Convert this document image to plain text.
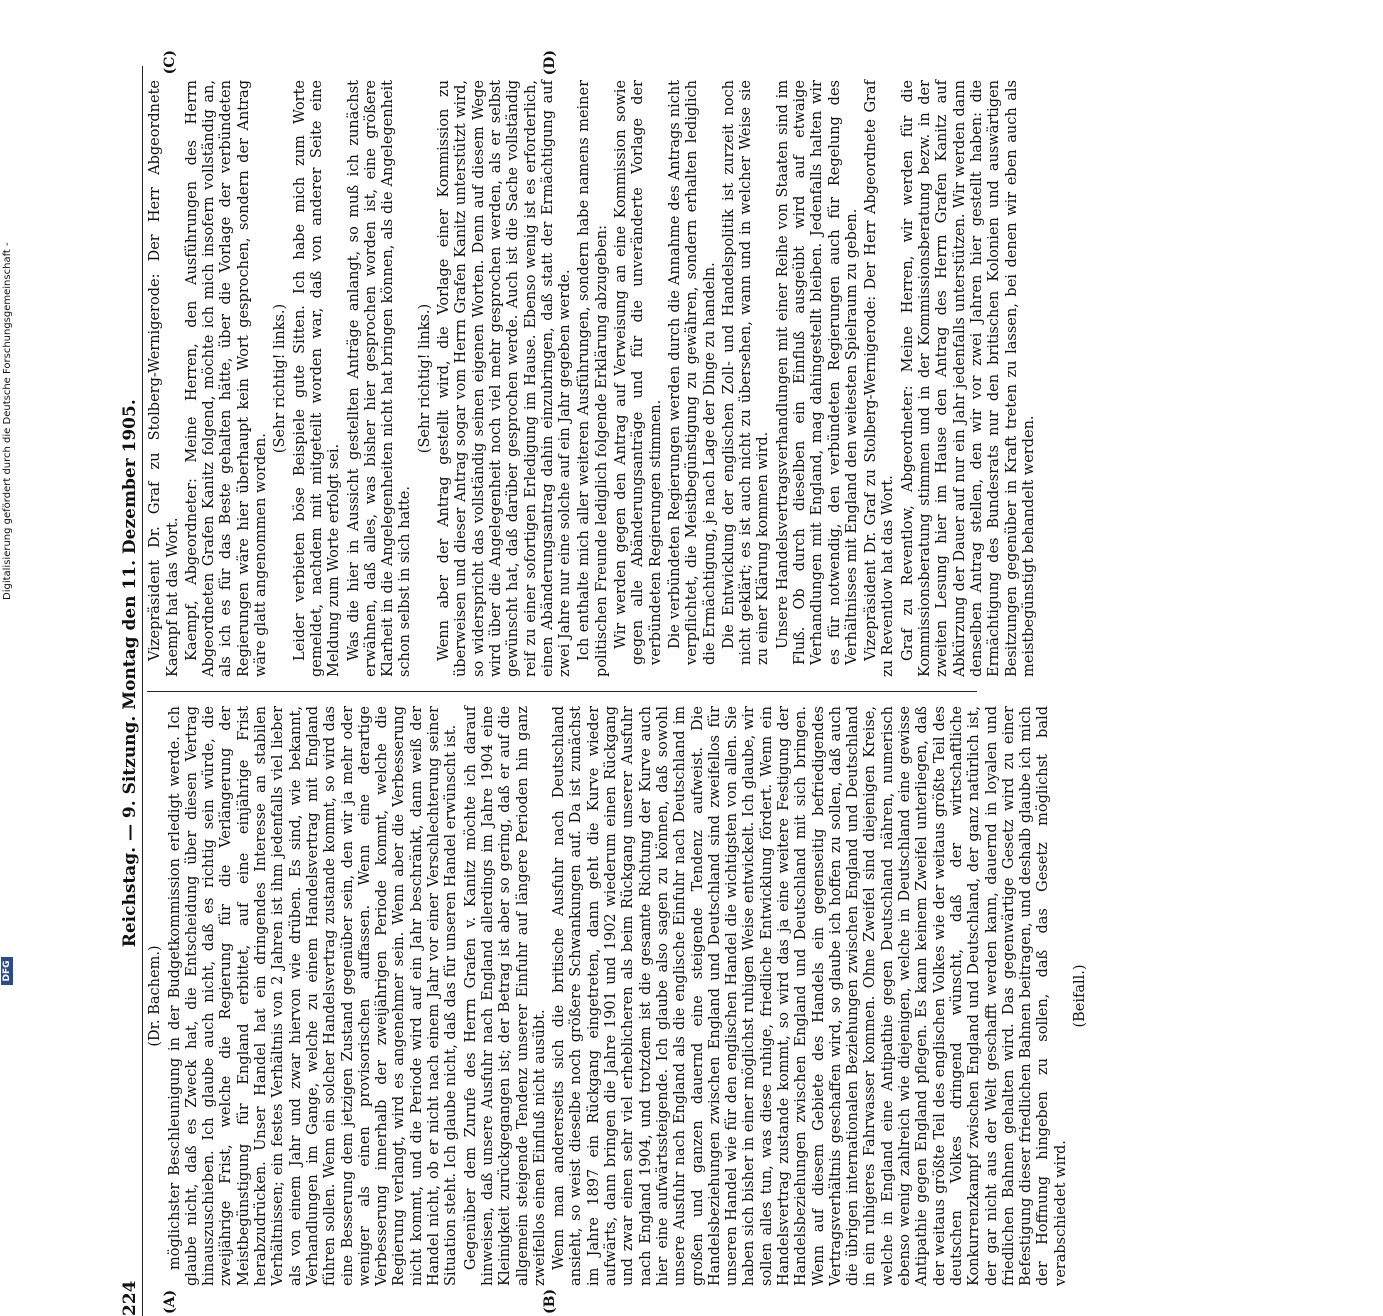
224
Reichstag. — 9. Sitzung. Montag den 11. Dezember 1905.

(Dr. Bachem.) möglichster Beschleunigung in der Budgetkommission erledigt werde. Ich glaube nicht, daß es Zweck hat, die Entscheidung über diesen Vertrag hinauszuschieben. Ich glaube auch nicht, daß es richtig sein würde, die zweijährige Frist, welche die Regierung für die Verlängerung der Meistbegünstigung für England erbittet, auf eine einjährige Frist herabzudrücken. Unser Handel hat ein dringendes Interesse an stabilen Verhältnissen; ein festes Verhältnis von 2 Jahren ist ihm jedenfalls viel lieber als von einem Jahr und zwar hiervon wie drüben. Es sind, wie bekannt, Verhandlungen im Gange, welche zu einem Handelsvertrag mit England führen sollen. Wenn ein solcher Handelsvertrag zustande kommt, so wird das eine Besserung dem jetzigen Zustand gegenüber sein, den wir ja mehr oder weniger als einen provisorischen auffassen. Wenn eine derartige Verbesserung innerhalb der zweijährigen Periode kommt, welche die Regierung verlangt, wird es angenehmer sein. Wenn aber die Verbesserung nicht kommt, und die Periode wird auf ein Jahr beschränkt, dann weiß der Handel nicht, ob er nicht nach einem Jahr vor einer Verschlechterung seiner Situation steht. Ich glaube nicht, daß das für unseren Handel erwünscht ist. Gegenüber dem Zurufe des Herrn Grafen v. Kanitz möchte ich darauf hinweisen, daß unsere Ausfuhr nach England allerdings im Jahre 1904 eine Kleinigkeit zurückgegangen ist; der Betrag ist aber so gering, daß er auf die allgemein steigende Tendenz unserer Einfuhr auf längere Perioden hin ganz zweifellos einen Einfluß nicht ausübt. Wenn man andererseits sich die britische Ausfuhr nach Deutschland ansieht, so weist dieselbe noch größere Schwankungen auf. Da ist zunächst im Jahre 1897 ein Rückgang eingetreten, dann geht die Kurve wieder aufwärts, dann bringen die Jahre 1901 und 1902 wiederum einen Rückgang und zwar einen sehr viel erheblicheren als beim Rückgang unserer Ausfuhr nach England 1904, und trotzdem ist die gesamte Richtung der Kurve auch hier eine aufwärtssteigende. Ich glaube also sagen zu können, daß sowohl unsere Ausfuhr nach England als die englische Einfuhr nach Deutschland im großen und ganzen dauernd eine steigende Tendenz aufweist. Die Handelsbeziehungen zwischen England und Deutschland sind zweifellos für unseren Handel wie für den englischen Handel die wichtigsten von allen. Sie haben sich bisher in einer möglichst ruhigen Weise entwickelt. Ich glaube, wir sollen alles tun, was diese ruhige, friedliche Entwicklung fördert. Wenn ein Handelsvertrag zustande kommt, so wird das ja eine weitere Festigung der Handelsbeziehungen zwischen England und Deutschland mit sich bringen. Wenn auf diesem Gebiete des Handels ein gegenseitig befriedigendes Vertragsverhältnis geschaffen wird, so glaube ich hoffen zu sollen, daß auch die übrigen internationalen Beziehungen zwischen England und Deutschland in ein ruhigeres Fahrwasser kommen. Ohne Zweifel sind diejenigen Kreise, welche in England eine Antipathie gegen Deutschland nähren, numerisch ebenso wenig zahlreich wie diejenigen, welche in Deutschland eine gewisse Antipathie gegen England pflegen. Es kann keinem Zweifel unterliegen, daß der weitaus größte Teil des englischen Volkes wie der weitaus größte Teil des deutschen Volkes dringend wünscht, daß der wirtschaftliche Konkurrenzkampf zwischen England und Deutschland, der ganz natürlich ist, der gar nicht aus der Welt geschafft werden kann, dauernd in loyalen und friedlichen Bahnen gehalten wird. Das gegenwärtige Gesetz wird zu einer Befestigung dieser friedlichen Bahnen beitragen, und deshalb glaube ich mich der Hoffnung hingeben zu sollen, daß das Gesetz möglichst bald verabschiedet wird.

(Beifall.)

Vizepräsident Dr. Graf zu Stolberg-Wernigerode: Der Herr Abgeordnete Kaempf hat das Wort. Kaempf, Abgeordneter: Meine Herren, den Ausführungen des Herrn Abgeordneten Grafen Kanitz folgend, möchte ich mich insofern vollständig an, als ich es für das Beste gehalten hätte, über die Vorlage der verbündeten Regierungen wäre hier überhaupt kein Wort gesprochen, sondern der Antrag wäre glatt angenommen worden.

(Sehr richtig! links.) Leider verbieten böse Beispiele gute Sitten. Ich habe mich zum Worte gemeldet, nachdem mit mitgeteilt worden war, daß von anderer Seite eine Meldung zum Worte erfolgt sei. Was die hier in Aussicht gestellten Anträge anlangt, so muß ich zunächst erwähnen, daß alles, was bisher hier gesprochen worden ist, eine größere Klarheit in die Angelegenheiten nicht hat bringen können, als die Angelegenheit schon selbst in sich hatte.

(Sehr richtig! links.) Wenn aber der Antrag gestellt wird, die Vorlage einer Kommission zu überweisen und dieser Antrag sogar vom Herrn Grafen Kanitz unterstützt wird, so widerspricht das vollständig seinen eigenen Worten. Denn auf diesem Wege wird über die Angelegenheit noch viel mehr gesprochen werden, als er selbst gewünscht hat, daß darüber gesprochen werde. Auch ist die Sache vollständig reif zu einer sofortigen Erledigung im Hause. Ebenso wenig ist es erforderlich, einen Abänderungsantrag dahin einzubringen, daß statt der Ermächtigung auf zwei Jahre nur eine solche auf ein Jahr gegeben werde. Ich enthalte mich aller weiteren Ausführungen, sondern habe namens meiner politischen Freunde lediglich folgende Erklärung abzugeben: Wir werden gegen den Antrag auf Verweisung an eine Kommission sowie gegen alle Abänderungsanträge und für die unveränderte Vorlage der verbündeten Regierungen stimmen. Die verbündeten Regierungen werden durch die Annahme des Antrags nicht verpflichtet, die Meistbegünstigung zu gewähren, sondern erhalten lediglich die Ermächtigung, je nach Lage der Dinge zu handeln. Die Entwicklung der englischen Zoll- und Handelspolitik ist zurzeit noch nicht geklärt; es ist auch nicht zu übersehen, wann und in welcher Weise sie zu einer Klärung kommen wird. Unsere Handelsvertragsverhandlungen mit einer Reihe von Staaten sind im Fluß. Ob durch dieselben ein Einfluß ausgeübt wird auf etwaige Verhandlungen mit England, mag dahingestellt bleiben. Jedenfalls halten wir es für notwendig, den verbündeten Regierungen auch für Regelung des Verhältnisses mit England den weitesten Spielraum zu geben. Vizepräsident Dr. Graf zu Stolberg-Wernigerode: Der Herr Abgeordnete Graf zu Reventlow hat das Wort. Graf zu Reventlow, Abgeordneter: Meine Herren, wir werden für die Kommissionsberatung stimmen und in der Kommissionsberatung bezw. in der zweiten Lesung hier im Hause den Antrag des Herrn Grafen Kanitz auf Abkürzung der Dauer auf nur ein Jahr jedenfalls unterstützen. Wir werden dann denselben Antrag stellen, den wir vor zwei Jahren hier gestellt haben: die Ermächtigung des Bundesrats nur den britischen Kolonien und auswärtigen Besitzungen gegenüber in Kraft treten zu lassen, bei denen wir eben auch als meistbegünstigt behandelt werden.

(A)	(B)
(C)	(D)
Digitalisierung gefördert durch die Deutsche Forschungsgemeinschaft -
DFG
